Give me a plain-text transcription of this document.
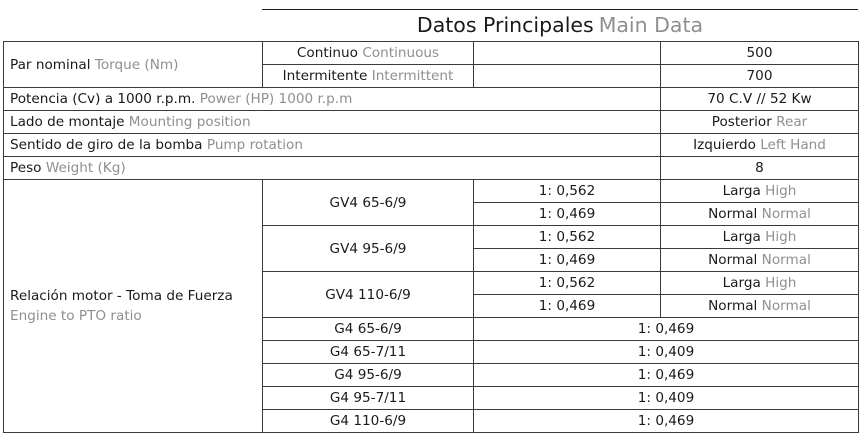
Datos Principales Main Data
Par nominal Torque (Nm)	Continuo Continuous		500
	Intermitente Intermittent		700
Potencia (Cv) a 1000 r.p.m. Power (HP) 1000 r.p.m			70 C.V // 52 Kw
Lado de montaje Mounting position			Posterior Rear
Sentido de giro de la bomba Pump rotation			Izquierdo Left Hand
Peso Weight (Kg)			8

Relación motor - Toma de Fuerza
Engine to PTO ratio	GV4 65-6/9	1: 0,562	Larga High
		1: 0,469	Normal Normal
	GV4 95-6/9	1: 0,562	Larga High
		1: 0,469	Normal Normal
	GV4 110-6/9	1: 0,562	Larga High
		1: 0,469	Normal Normal
	G4 65-6/9	1: 0,469	
	G4 65-7/11	1: 0,409	
	G4 95-6/9	1: 0,469	
	G4 95-7/11	1: 0,409	
	G4 110-6/9	1: 0,469	
